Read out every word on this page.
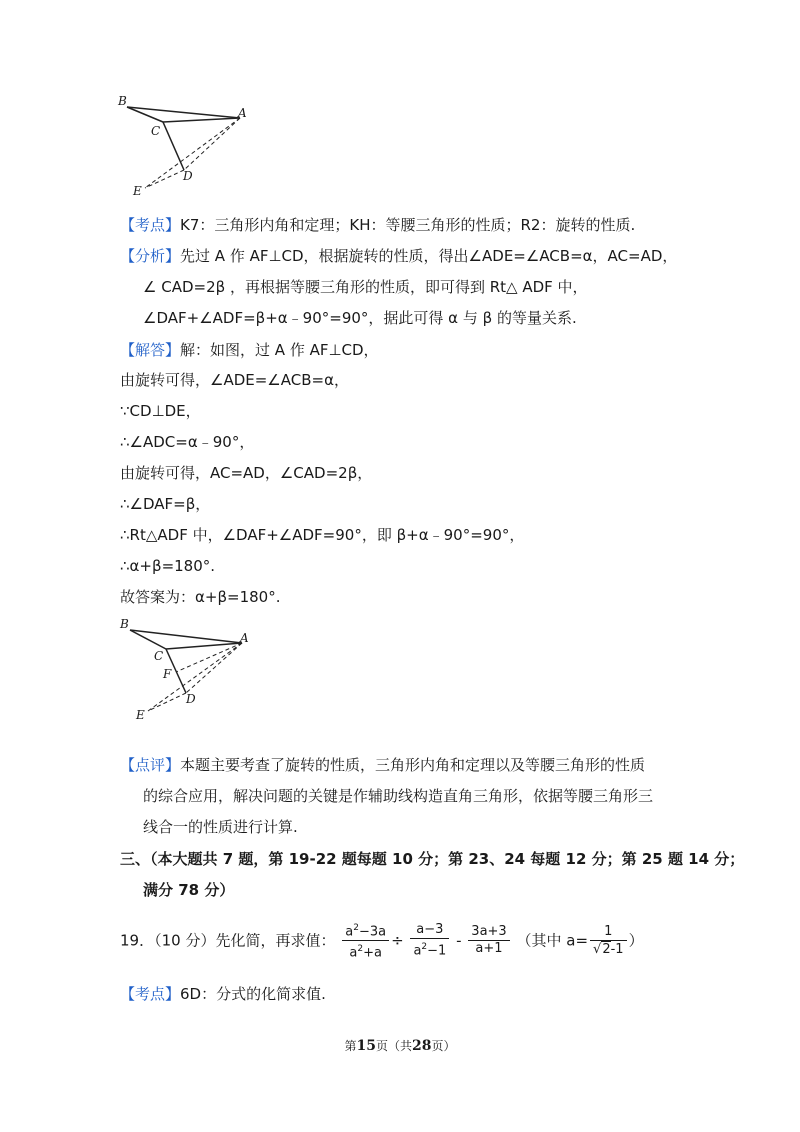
B
A
C
D
E
【考点】K7：三角形内角和定理；KH：等腰三角形的性质；R2：旋转的性质.
【分析】先过 A 作 AF⊥CD，根据旋转的性质，得出∠ADE=∠ACB=α，AC=AD，
∠ CAD=2β ，再根据等腰三角形的性质，即可得到 Rt△ ADF 中，
∠DAF+∠ADF=β+α﹣90°=90°，据此可得 α 与 β 的等量关系.
【解答】解：如图，过 A 作 AF⊥CD，
由旋转可得，∠ADE=∠ACB=α，
∵CD⊥DE，
∴∠ADC=α﹣90°，
由旋转可得，AC=AD，∠CAD=2β，
∴∠DAF=β，
∴Rt△ADF 中，∠DAF+∠ADF=90°，即 β+α﹣90°=90°，
∴α+β=180°.
故答案为：α+β=180°.
B
A
C
F
D
E
【点评】本题主要考查了旋转的性质，三角形内角和定理以及等腰三角形的性质
的综合应用，解决问题的关键是作辅助线构造直角三角形，依据等腰三角形三
线合一的性质进行计算.
三、（本大题共 7 题，第 19-22 题每题 10 分；第 23、24 每题 12 分；第 25 题 14 分；
满分 78 分）
19．（10 分）先化简，再求值： $\frac{a^2-3a}{a^2+a} \div \frac{a-3}{a^2-1} - \frac{3a+3}{a+1}$ （其中 $a= \frac{1}{√2-1}$ ）
【考点】6D：分式的化简求值.
第15页（共28页）
